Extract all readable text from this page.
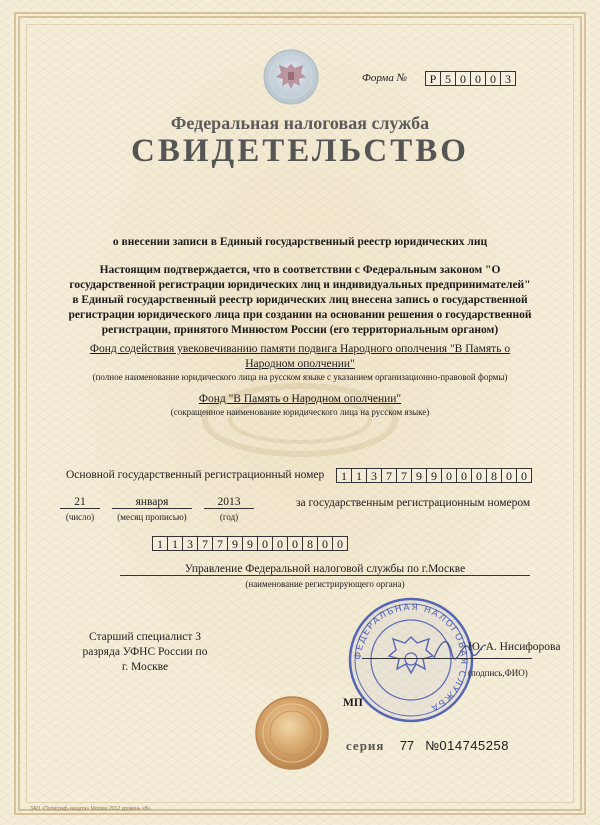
Форма №	Р 5 0 0 0 3
Федеральная налоговая служба
СВИДЕТЕЛЬСТВО
о внесении записи в Единый государственный реестр юридических лиц
Настоящим подтверждается, что в соответствии с Федеральным законом "О
государственной регистрации юридических лиц и индивидуальных предпринимателей"
в Единый государственный реестр юридических лиц внесена запись о государственной
регистрации юридического лица при создании на основании решения о государственной
регистрации, принятого Минюстом России (его территориальным органом)
Фонд содействия увековечиванию памяти подвига Народного ополчения "В Память о
Народном ополчении"
(полное наименование юридического лица на русском языке с указанием организационно-правовой формы)
Фонд "В Память о Народном ополчении"
(сокращенное наименование юридического лица на русском языке)
Основной государственный регистрационный номер	1 1 3 7 7 9 9 0 0 0 8 0 0
21	января	2013	за государственным регистрационным номером
(число)	(месяц прописью)	(год)
1 1 3 7 7 9 9 0 0 0 8 0 0
Управление Федеральной налоговой службы по г.Москве
(наименование регистрирующего органа)
Старший специалист 3
разряда УФНС России по
г. Москве
ФЕДЕРАЛЬНАЯ НАЛОГОВАЯ СЛУЖБА
Ю. А. Нисифорова
(подпись,ФИО)
МП
серия 77 №014745258
ЗАО «Полиграф-защита» Москва 2012 уровень «В»
